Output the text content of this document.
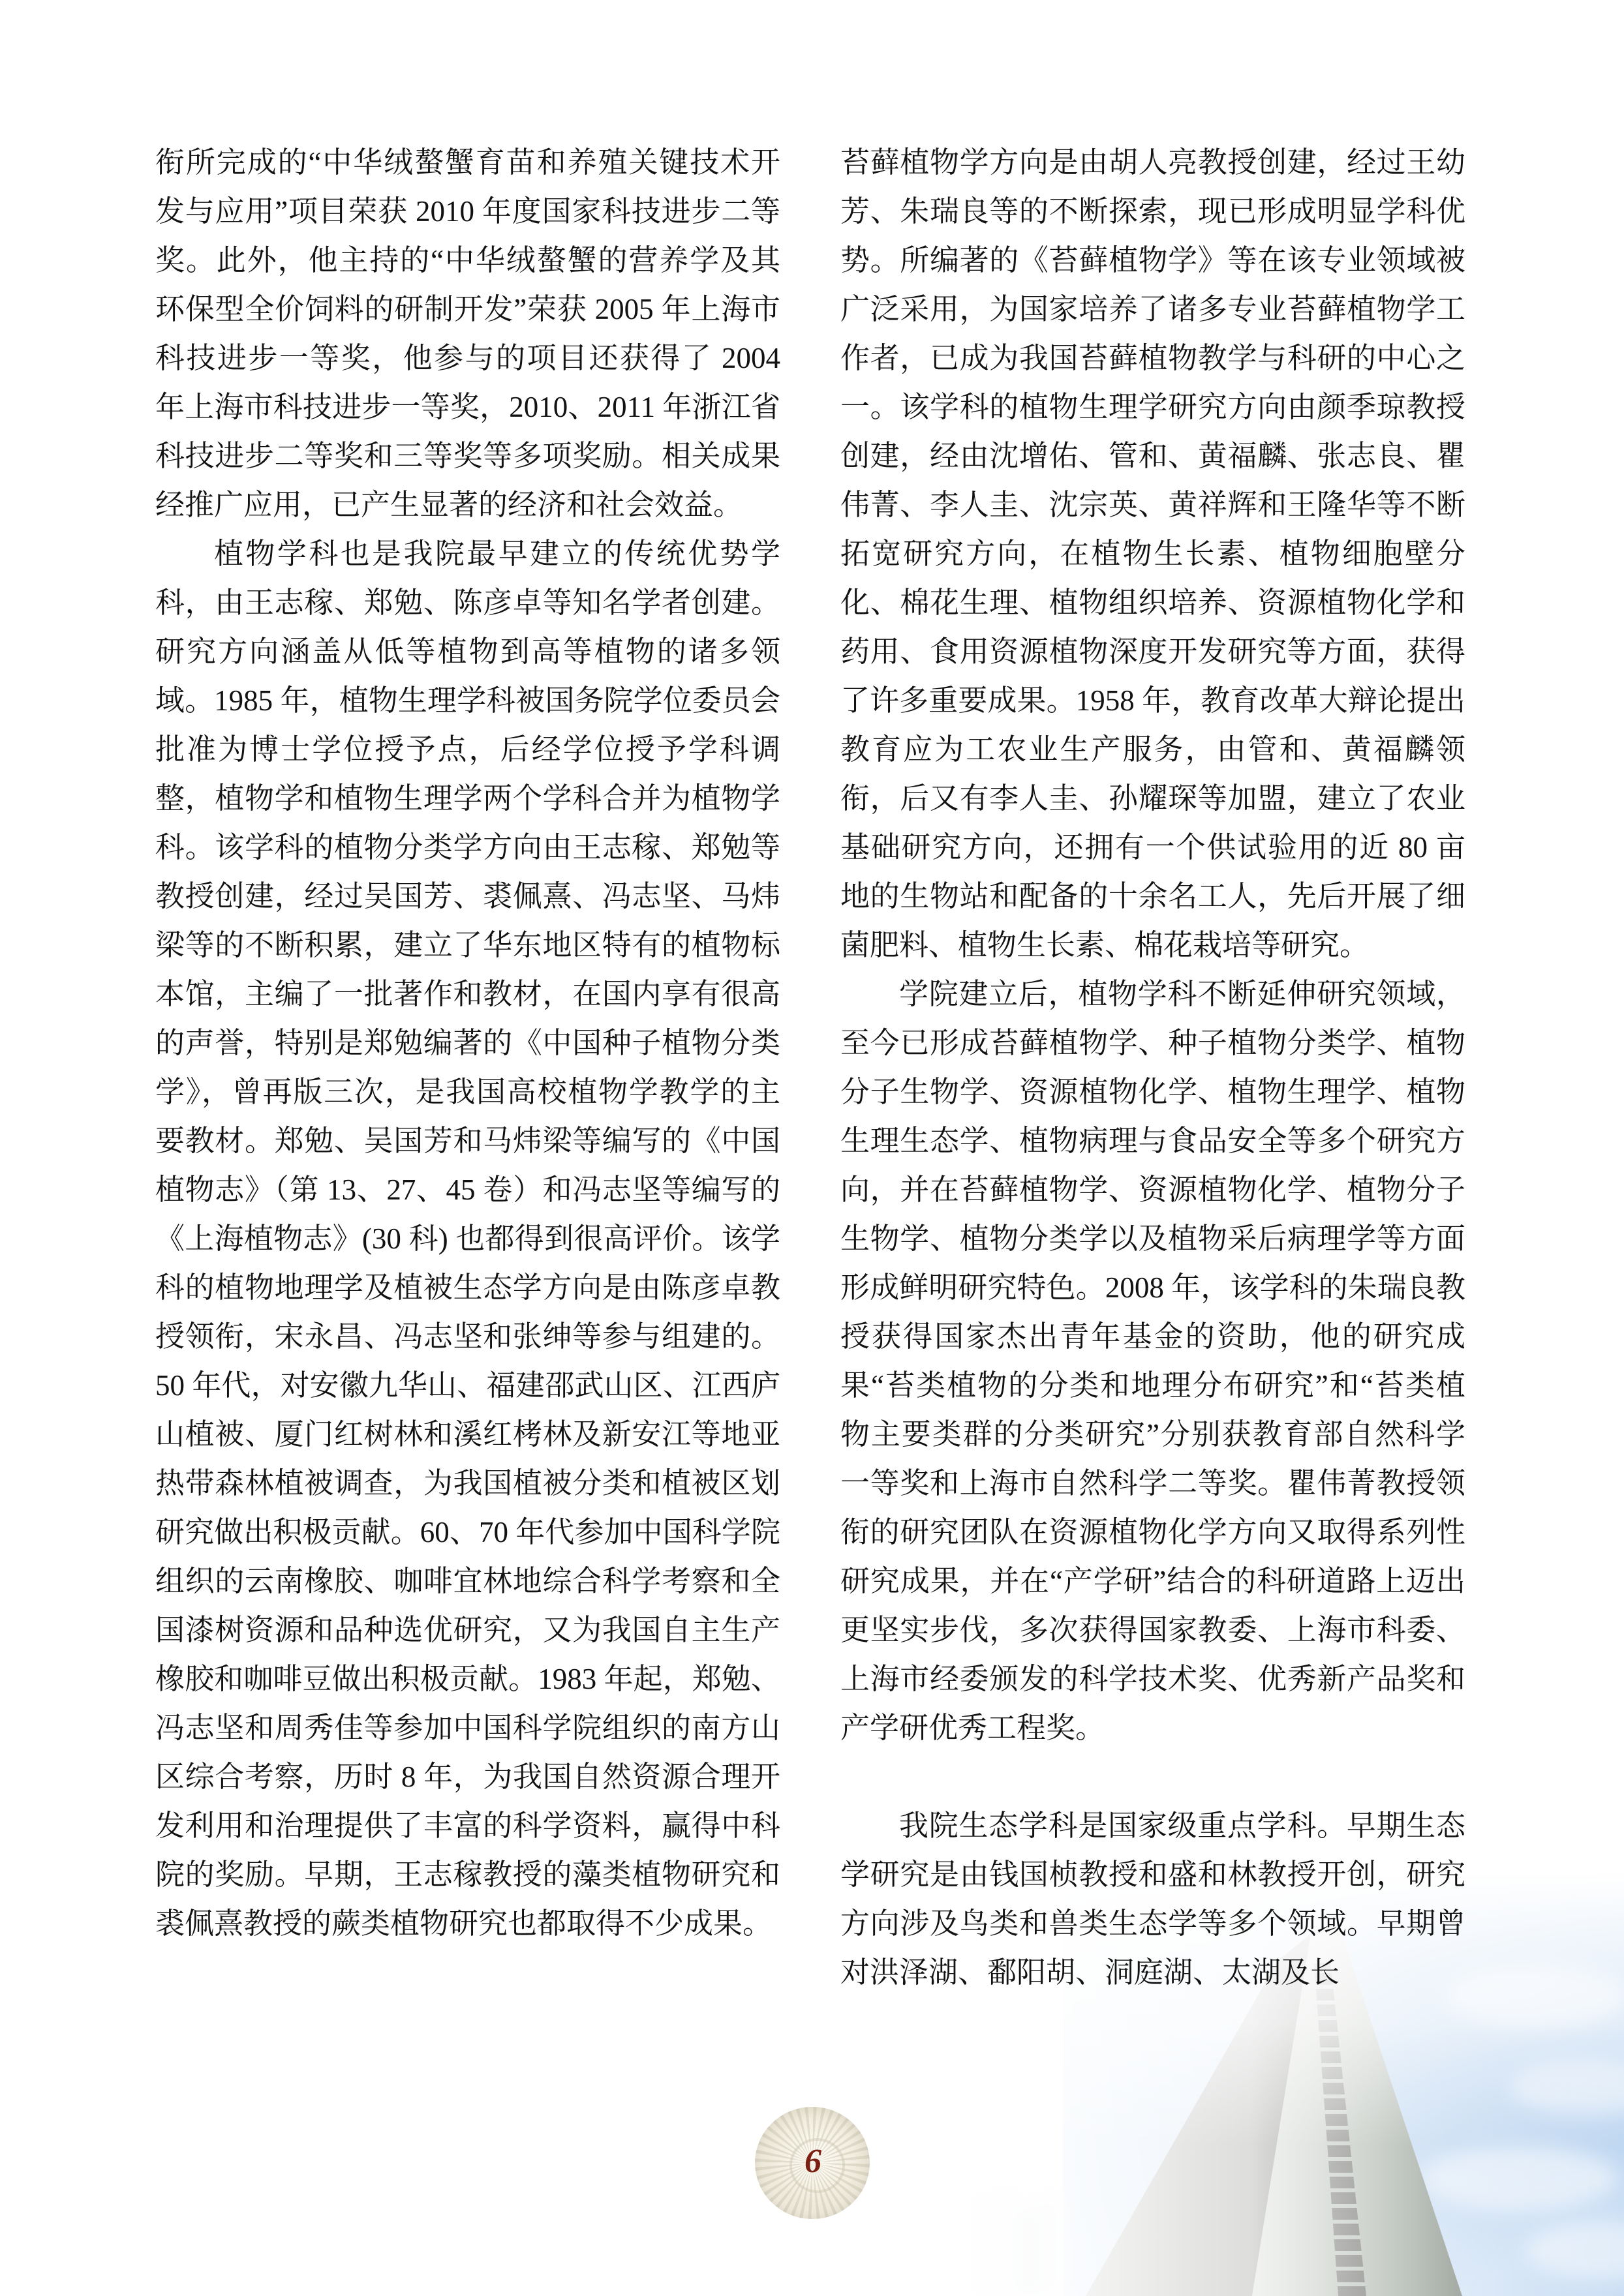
6

衔所完成的“中华绒螯蟹育苗和养殖关键技术开发与应用”项目荣获 2010 年度国家科技进步二等奖。此外，他主持的“中华绒螯蟹的营养学及其环保型全价饲料的研制开发”荣获 2005 年上海市科技进步一等奖，他参与的项目还获得了 2004 年上海市科技进步一等奖，2010、2011 年浙江省科技进步二等奖和三等奖等多项奖励。相关成果经推广应用，已产生显著的经济和社会效益。

植物学科也是我院最早建立的传统优势学科，由王志稼、郑勉、陈彦卓等知名学者创建。研究方向涵盖从低等植物到高等植物的诸多领域。1985 年，植物生理学科被国务院学位委员会批准为博士学位授予点，后经学位授予学科调整，植物学和植物生理学两个学科合并为植物学科。该学科的植物分类学方向由王志稼、郑勉等教授创建，经过吴国芳、裘佩熹、冯志坚、马炜梁等的不断积累，建立了华东地区特有的植物标本馆，主编了一批著作和教材，在国内享有很高的声誉，特别是郑勉编著的《中国种子植物分类学》，曾再版三次，是我国高校植物学教学的主要教材。郑勉、吴国芳和马炜梁等编写的《中国植物志》（第 13、27、45 卷）和冯志坚等编写的《上海植物志》(30 科) 也都得到很高评价。该学科的植物地理学及植被生态学方向是由陈彦卓教授领衔，宋永昌、冯志坚和张绅等参与组建的。50 年代，对安徽九华山、福建邵武山区、江西庐山植被、厦门红树林和溪红栲林及新安江等地亚热带森林植被调查，为我国植被分类和植被区划研究做出积极贡献。60、70 年代参加中国科学院组织的云南橡胶、咖啡宜林地综合科学考察和全国漆树资源和品种选优研究，又为我国自主生产橡胶和咖啡豆做出积极贡献。1983 年起，郑勉、冯志坚和周秀佳等参加中国科学院组织的南方山区综合考察，历时 8 年，为我国自然资源合理开发利用和治理提供了丰富的科学资料，赢得中科院的奖励。早期，王志稼教授的藻类植物研究和裘佩熹教授的蕨类植物研究也都取得不少成果。

苔藓植物学方向是由胡人亮教授创建，经过王幼芳、朱瑞良等的不断探索，现已形成明显学科优势。所编著的《苔藓植物学》等在该专业领域被广泛采用，为国家培养了诸多专业苔藓植物学工作者，已成为我国苔藓植物教学与科研的中心之一。该学科的植物生理学研究方向由颜季琼教授创建，经由沈增佑、管和、黄福麟、张志良、瞿伟菁、李人圭、沈宗英、黄祥辉和王隆华等不断拓宽研究方向，在植物生长素、植物细胞壁分化、棉花生理、植物组织培养、资源植物化学和药用、食用资源植物深度开发研究等方面，获得了许多重要成果。1958 年，教育改革大辩论提出教育应为工农业生产服务，由管和、黄福麟领衔，后又有李人圭、孙耀琛等加盟，建立了农业基础研究方向，还拥有一个供试验用的近 80 亩地的生物站和配备的十余名工人，先后开展了细菌肥料、植物生长素、棉花栽培等研究。

学院建立后，植物学科不断延伸研究领域，至今已形成苔藓植物学、种子植物分类学、植物分子生物学、资源植物化学、植物生理学、植物生理生态学、植物病理与食品安全等多个研究方向，并在苔藓植物学、资源植物化学、植物分子生物学、植物分类学以及植物采后病理学等方面形成鲜明研究特色。2008 年，该学科的朱瑞良教授获得国家杰出青年基金的资助，他的研究成果“苔类植物的分类和地理分布研究”和“苔类植物主要类群的分类研究”分别获教育部自然科学一等奖和上海市自然科学二等奖。瞿伟菁教授领衔的研究团队在资源植物化学方向又取得系列性研究成果，并在“产学研”结合的科研道路上迈出更坚实步伐，多次获得国家教委、上海市科委、上海市经委颁发的科学技术奖、优秀新产品奖和产学研优秀工程奖。

我院生态学科是国家级重点学科。早期生态学研究是由钱国桢教授和盛和林教授开创，研究方向涉及鸟类和兽类生态学等多个领域。早期曾对洪泽湖、鄱阳胡、洞庭湖、太湖及长
